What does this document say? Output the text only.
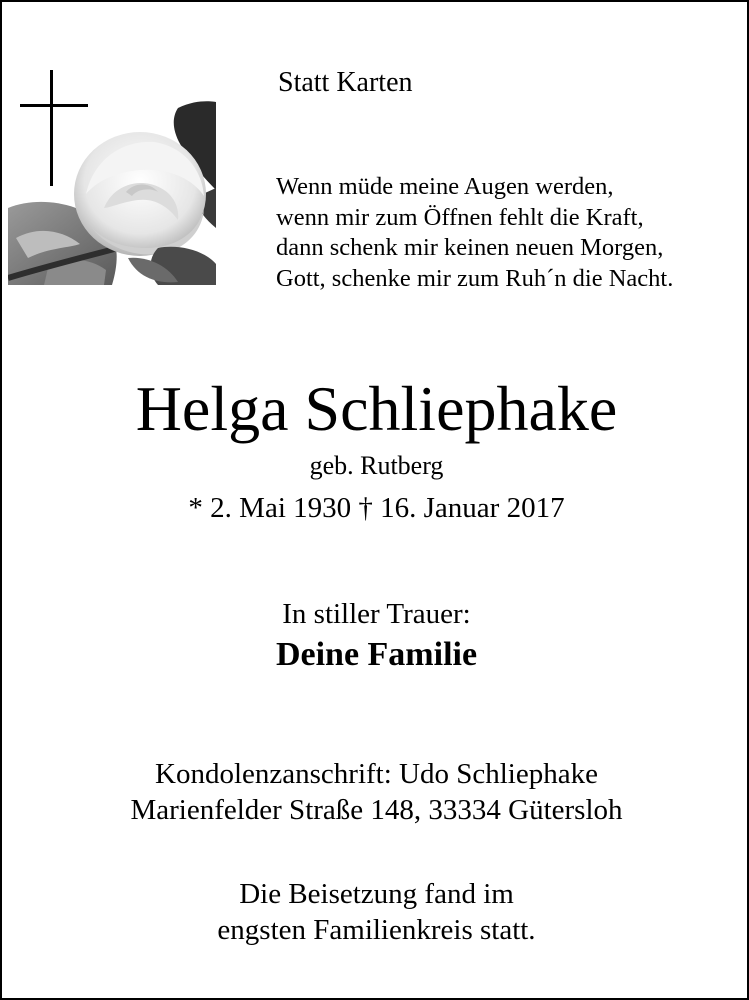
Statt Karten
Wenn müde meine Augen werden,
wenn mir zum Öffnen fehlt die Kraft,
dann schenk mir keinen neuen Morgen,
Gott, schenke mir zum Ruh´n die Nacht.
Helga Schliephake
geb. Rutberg
* 2. Mai 1930 † 16. Januar 2017
In stiller Trauer:
Deine Familie
Kondolenzanschrift: Udo Schliephake
Marienfelder Straße 148, 33334 Gütersloh
Die Beisetzung fand im
engsten Familienkreis statt.
